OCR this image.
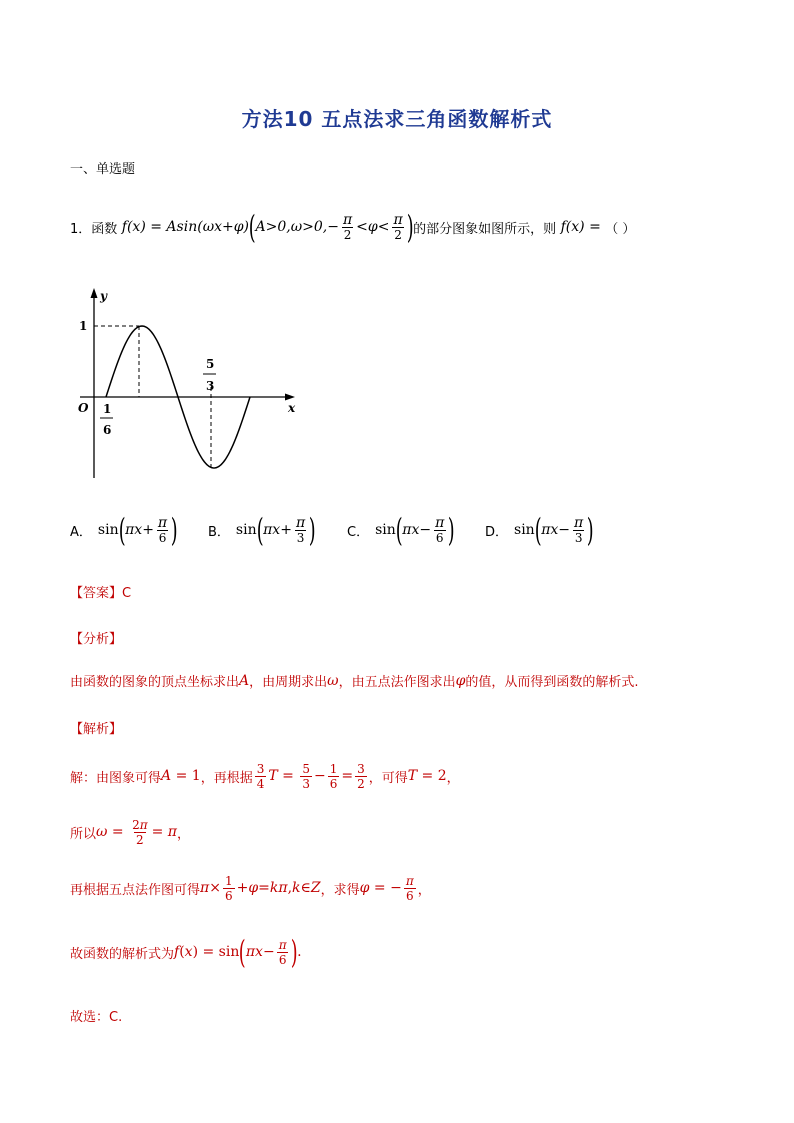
方法10 五点法求三角函数解析式
一、单选题
1． 函数 f(x) = Asin(ωx+φ) ( $A>0,\omega>0,- \frac{\pi}{2} <\varphi< \frac{\pi}{2}$ ) 的部分图象如图所示，则 f(x) = （ ）
y
x
O
1
1
6
5
3
A． sin ( $\pi x + \frac{\pi}{6}$ ) B． sin ( $\pi x + \frac{\pi}{3}$ ) C． sin ( $\pi x - \frac{\pi}{6}$ ) D． sin ( $\pi x - \frac{\pi}{3}$ )
【答案】C
【分析】
由函数的图象的顶点坐标求出 A ，由周期求出 ω ，由五点法作图求出 φ 的值，从而得到函数的解析式.
【解析】
解：由图象可得 A = 1 ，再根据 $\frac{3}{4}$ $T = \frac{5}{3} - \frac{1}{6} = \frac{3}{2}$ ，可得 T = 2 ，
所以 $\omega = \frac{2\pi}{2} = \pi$ ，
再根据五点法作图可得 $\pi \times \frac{1}{6} + \varphi = k\pi$ , k ∈ Z ，求得 φ = − $\frac{\pi}{6}$ ，
故函数的解析式为 f ( x ) = sin ( $\pi x - \frac{\pi}{6}$ ) .
故选：C.
